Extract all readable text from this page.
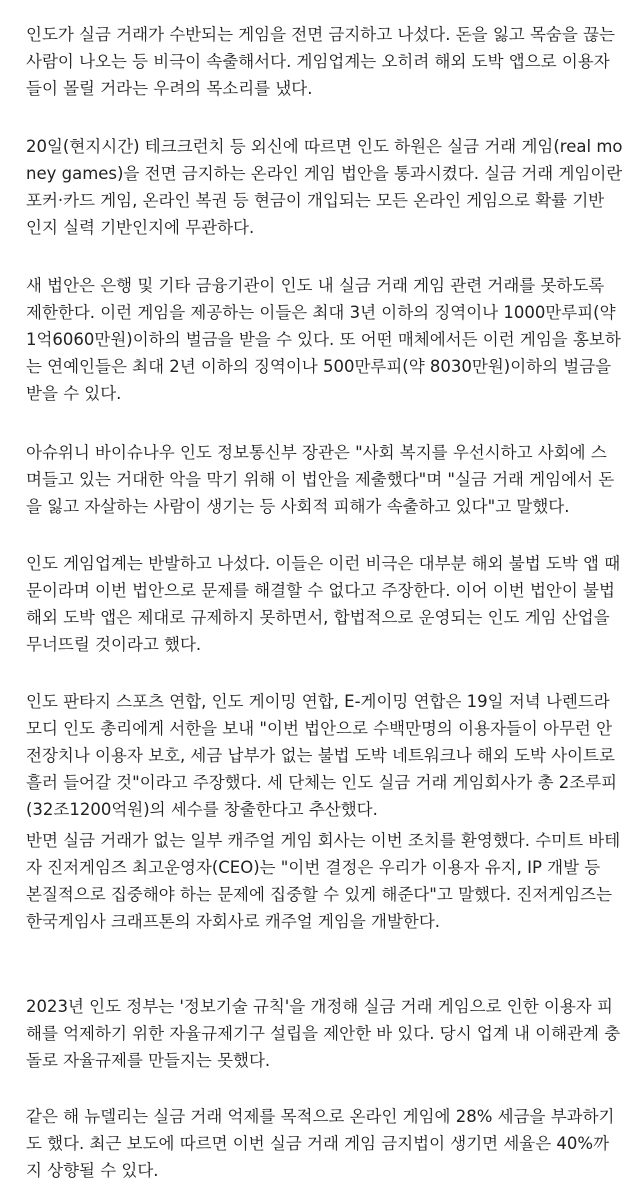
인도가 실금 거래가 수반되는 게임을 전면 금지하고 나섰다. 돈을 잃고 목숨을 끊는
사람이 나오는 등 비극이 속출해서다. 게임업계는 오히려 해외 도박 앱으로 이용자
들이 몰릴 거라는 우려의 목소리를 냈다.

20일(현지시간) 테크크런치 등 외신에 따르면 인도 하원은 실금 거래 게임(real mo
ney games)을 전면 금지하는 온라인 게임 법안을 통과시켰다. 실금 거래 게임이란
포커·카드 게임, 온라인 복권 등 현금이 개입되는 모든 온라인 게임으로 확률 기반
인지 실력 기반인지에 무관하다.

새 법안은 은행 및 기타 금융기관이 인도 내 실금 거래 게임 관련 거래를 못하도록
제한한다. 이런 게임을 제공하는 이들은 최대 3년 이하의 징역이나 1000만루피(약
1억6060만원)이하의 벌금을 받을 수 있다. 또 어떤 매체에서든 이런 게임을 홍보하
는 연예인들은 최대 2년 이하의 징역이나 500만루피(약 8030만원)이하의 벌금을
받을 수 있다.

아슈위니 바이슈나우 인도 정보통신부 장관은 "사회 복지를 우선시하고 사회에 스
며들고 있는 거대한 악을 막기 위해 이 법안을 제출했다"며 "실금 거래 게임에서 돈
을 잃고 자살하는 사람이 생기는 등 사회적 피해가 속출하고 있다"고 말했다.

인도 게임업계는 반발하고 나섰다. 이들은 이런 비극은 대부분 해외 불법 도박 앱 때
문이라며 이번 법안으로 문제를 해결할 수 없다고 주장한다. 이어 이번 법안이 불법
해외 도박 앱은 제대로 규제하지 못하면서, 합법적으로 운영되는 인도 게임 산업을
무너뜨릴 것이라고 했다.

인도 판타지 스포츠 연합, 인도 게이밍 연합, E-게이밍 연합은 19일 저녁 나렌드라
모디 인도 총리에게 서한을 보내 "이번 법안으로 수백만명의 이용자들이 아무런 안
전장치나 이용자 보호, 세금 납부가 없는 불법 도박 네트워크나 해외 도박 사이트로
흘러 들어갈 것"이라고 주장했다. 세 단체는 인도 실금 거래 게임회사가 총 2조루피
(32조1200억원)의 세수를 창출한다고 추산했다.

반면 실금 거래가 없는 일부 캐주얼 게임 회사는 이번 조치를 환영했다. 수미트 바테
자 진저게임즈 최고운영자(CEO)는 "이번 결정은 우리가 이용자 유지, IP 개발 등
본질적으로 집중해야 하는 문제에 집중할 수 있게 해준다"고 말했다. 진저게임즈는
한국게임사 크래프톤의 자회사로 캐주얼 게임을 개발한다.

2023년 인도 정부는 '정보기술 규칙'을 개정해 실금 거래 게임으로 인한 이용자 피
해를 억제하기 위한 자율규제기구 설립을 제안한 바 있다. 당시 업계 내 이해관계 충
돌로 자율규제를 만들지는 못했다.

같은 해 뉴델리는 실금 거래 억제를 목적으로 온라인 게임에 28% 세금을 부과하기
도 했다. 최근 보도에 따르면 이번 실금 거래 게임 금지법이 생기면 세율은 40%까
지 상향될 수 있다.
